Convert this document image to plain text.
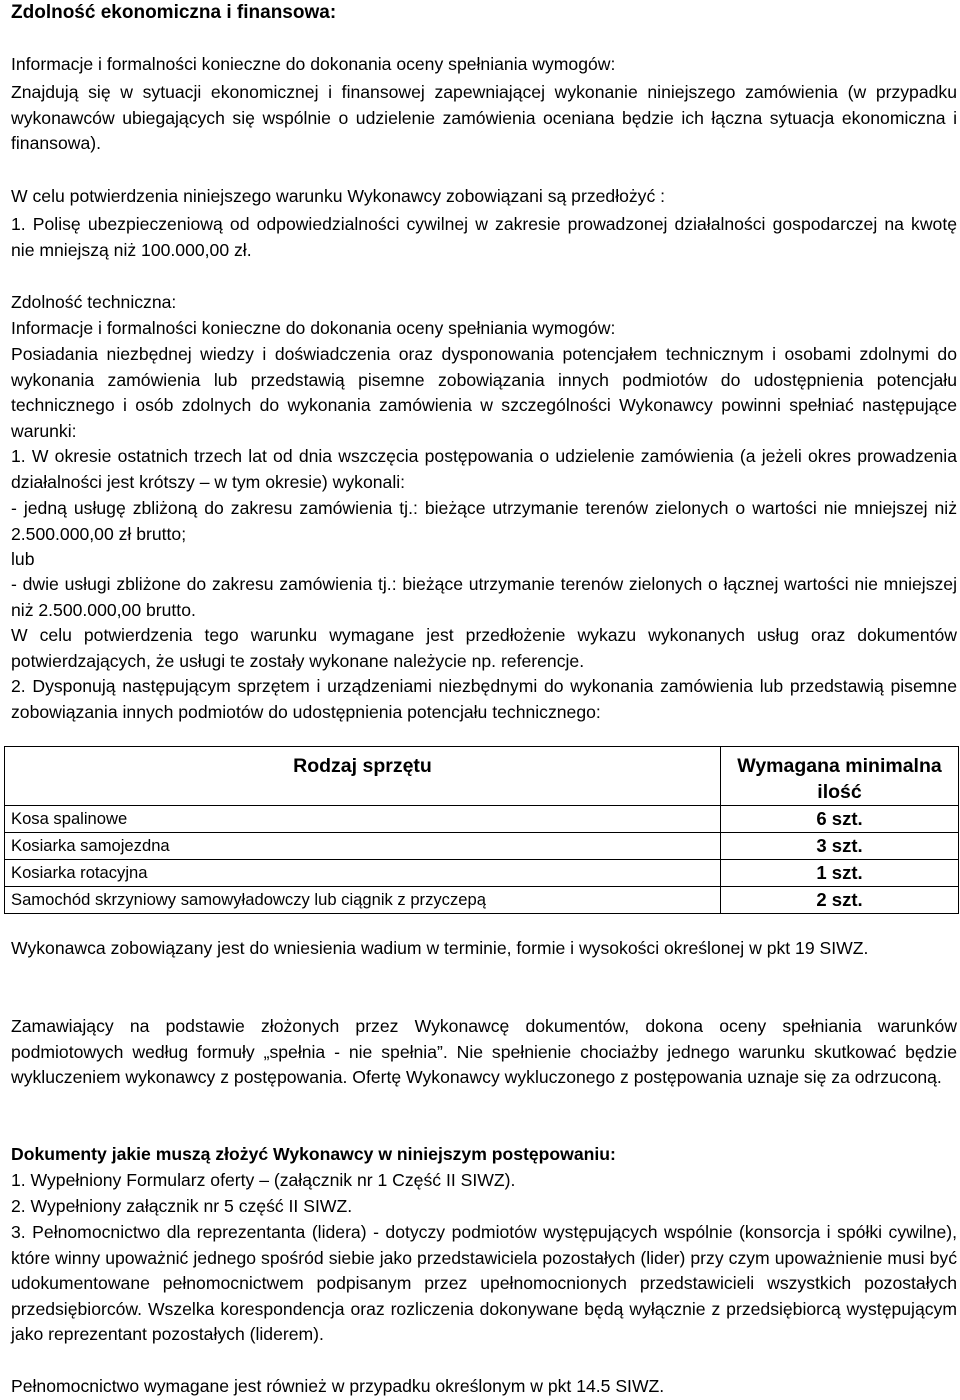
Zdolność ekonomiczna i finansowa:

Informacje i formalności konieczne do dokonania oceny spełniania wymogów:

Znajdują się w sytuacji ekonomicznej i finansowej zapewniającej wykonanie niniejszego zamówienia (w przypadku wykonawców ubiegających się wspólnie o udzielenie zamówienia oceniana będzie ich łączna sytuacja ekonomiczna i finansowa).

W celu potwierdzenia niniejszego warunku Wykonawcy zobowiązani są przedłożyć :

1. Polisę ubezpieczeniową od odpowiedzialności cywilnej w zakresie prowadzonej działalności gospodarczej na kwotę nie mniejszą niż 100.000,00 zł.

Zdolność techniczna:

Informacje i formalności konieczne do dokonania oceny spełniania wymogów:

Posiadania niezbędnej wiedzy i doświadczenia oraz dysponowania potencjałem technicznym i osobami zdolnymi do wykonania zamówienia lub przedstawią pisemne zobowiązania innych podmiotów do udostępnienia potencjału technicznego i osób zdolnych do wykonania zamówienia w szczególności Wykonawcy powinni spełniać następujące warunki:

1. W okresie ostatnich trzech lat od dnia wszczęcia postępowania o udzielenie zamówienia (a jeżeli okres prowadzenia działalności jest krótszy – w tym okresie) wykonali:

- jedną usługę zbliżoną do zakresu zamówienia tj.: bieżące utrzymanie terenów zielonych o wartości nie mniejszej niż 2.500.000,00 zł brutto;

lub

- dwie usługi zbliżone do zakresu zamówienia tj.: bieżące utrzymanie terenów zielonych o łącznej wartości nie mniejszej niż 2.500.000,00 brutto.

W celu potwierdzenia tego warunku wymagane jest przedłożenie wykazu wykonanych usług oraz dokumentów potwierdzających, że usługi te zostały wykonane należycie np. referencje.

2. Dysponują następującym sprzętem i urządzeniami niezbędnymi do wykonania zamówienia lub przedstawią pisemne zobowiązania innych podmiotów do udostępnienia potencjału technicznego:

Rodzaj sprzętu	Wymagana minimalna ilość
Kosa spalinowe	6 szt.
Kosiarka samojezdna	3 szt.
Kosiarka rotacyjna	1 szt.
Samochód skrzyniowy samowyładowczy lub ciągnik z przyczepą	2 szt.

Wykonawca zobowiązany jest do wniesienia wadium w terminie, formie i wysokości określonej w pkt 19 SIWZ.

Zamawiający na podstawie złożonych przez Wykonawcę dokumentów, dokona oceny spełniania warunków podmiotowych według formuły „spełnia - nie spełnia”. Nie spełnienie chociażby jednego warunku skutkować będzie wykluczeniem wykonawcy z postępowania. Ofertę Wykonawcy wykluczonego z postępowania uznaje się za odrzuconą.

Dokumenty jakie muszą złożyć Wykonawcy w niniejszym postępowaniu:

1. Wypełniony Formularz oferty – (załącznik nr 1 Część II SIWZ).

2. Wypełniony załącznik nr 5 część II SIWZ.

3. Pełnomocnictwo dla reprezentanta (lidera) - dotyczy podmiotów występujących wspólnie (konsorcja i spółki cywilne), które winny upoważnić jednego spośród siebie jako przedstawiciela pozostałych (lider) przy czym upoważnienie musi być udokumentowane pełnomocnictwem podpisanym przez upełnomocnionych przedstawicieli wszystkich pozostałych przedsiębiorców. Wszelka korespondencja oraz rozliczenia dokonywane będą wyłącznie z przedsiębiorcą występującym jako reprezentant pozostałych (liderem).

Pełnomocnictwo wymagane jest również w przypadku określonym w pkt 14.5 SIWZ.
